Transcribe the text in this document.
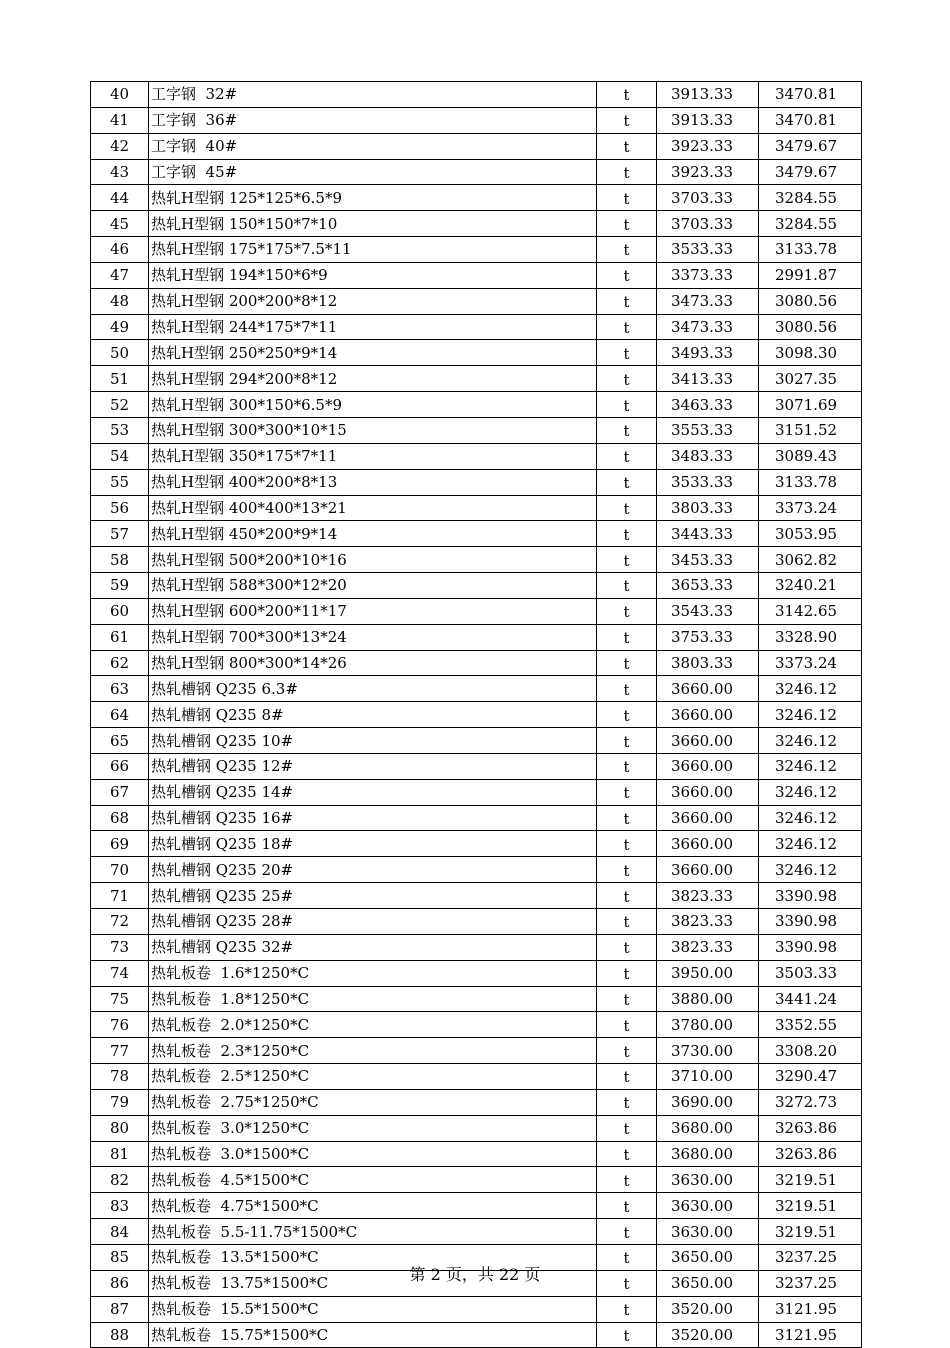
40	工字钢  32#	t	3913.33	3470.81
41	工字钢  36#	t	3913.33	3470.81
42	工字钢  40#	t	3923.33	3479.67
43	工字钢  45#	t	3923.33	3479.67
44	热轧H型钢 125*125*6.5*9	t	3703.33	3284.55
45	热轧H型钢 150*150*7*10	t	3703.33	3284.55
46	热轧H型钢 175*175*7.5*11	t	3533.33	3133.78
47	热轧H型钢 194*150*6*9	t	3373.33	2991.87
48	热轧H型钢 200*200*8*12	t	3473.33	3080.56
49	热轧H型钢 244*175*7*11	t	3473.33	3080.56
50	热轧H型钢 250*250*9*14	t	3493.33	3098.30
51	热轧H型钢 294*200*8*12	t	3413.33	3027.35
52	热轧H型钢 300*150*6.5*9	t	3463.33	3071.69
53	热轧H型钢 300*300*10*15	t	3553.33	3151.52
54	热轧H型钢 350*175*7*11	t	3483.33	3089.43
55	热轧H型钢 400*200*8*13	t	3533.33	3133.78
56	热轧H型钢 400*400*13*21	t	3803.33	3373.24
57	热轧H型钢 450*200*9*14	t	3443.33	3053.95
58	热轧H型钢 500*200*10*16	t	3453.33	3062.82
59	热轧H型钢 588*300*12*20	t	3653.33	3240.21
60	热轧H型钢 600*200*11*17	t	3543.33	3142.65
61	热轧H型钢 700*300*13*24	t	3753.33	3328.90
62	热轧H型钢 800*300*14*26	t	3803.33	3373.24
63	热轧槽钢 Q235 6.3#	t	3660.00	3246.12
64	热轧槽钢 Q235 8#	t	3660.00	3246.12
65	热轧槽钢 Q235 10#	t	3660.00	3246.12
66	热轧槽钢 Q235 12#	t	3660.00	3246.12
67	热轧槽钢 Q235 14#	t	3660.00	3246.12
68	热轧槽钢 Q235 16#	t	3660.00	3246.12
69	热轧槽钢 Q235 18#	t	3660.00	3246.12
70	热轧槽钢 Q235 20#	t	3660.00	3246.12
71	热轧槽钢 Q235 25#	t	3823.33	3390.98
72	热轧槽钢 Q235 28#	t	3823.33	3390.98
73	热轧槽钢 Q235 32#	t	3823.33	3390.98
74	热轧板卷  1.6*1250*C	t	3950.00	3503.33
75	热轧板卷  1.8*1250*C	t	3880.00	3441.24
76	热轧板卷  2.0*1250*C	t	3780.00	3352.55
77	热轧板卷  2.3*1250*C	t	3730.00	3308.20
78	热轧板卷  2.5*1250*C	t	3710.00	3290.47
79	热轧板卷  2.75*1250*C	t	3690.00	3272.73
80	热轧板卷  3.0*1250*C	t	3680.00	3263.86
81	热轧板卷  3.0*1500*C	t	3680.00	3263.86
82	热轧板卷  4.5*1500*C	t	3630.00	3219.51
83	热轧板卷  4.75*1500*C	t	3630.00	3219.51
84	热轧板卷  5.5-11.75*1500*C	t	3630.00	3219.51
85	热轧板卷  13.5*1500*C	t	3650.00	3237.25
86	热轧板卷  13.75*1500*C	t	3650.00	3237.25
87	热轧板卷  15.5*1500*C	t	3520.00	3121.95
88	热轧板卷  15.75*1500*C	t	3520.00	3121.95
第 2 页，共 22 页
